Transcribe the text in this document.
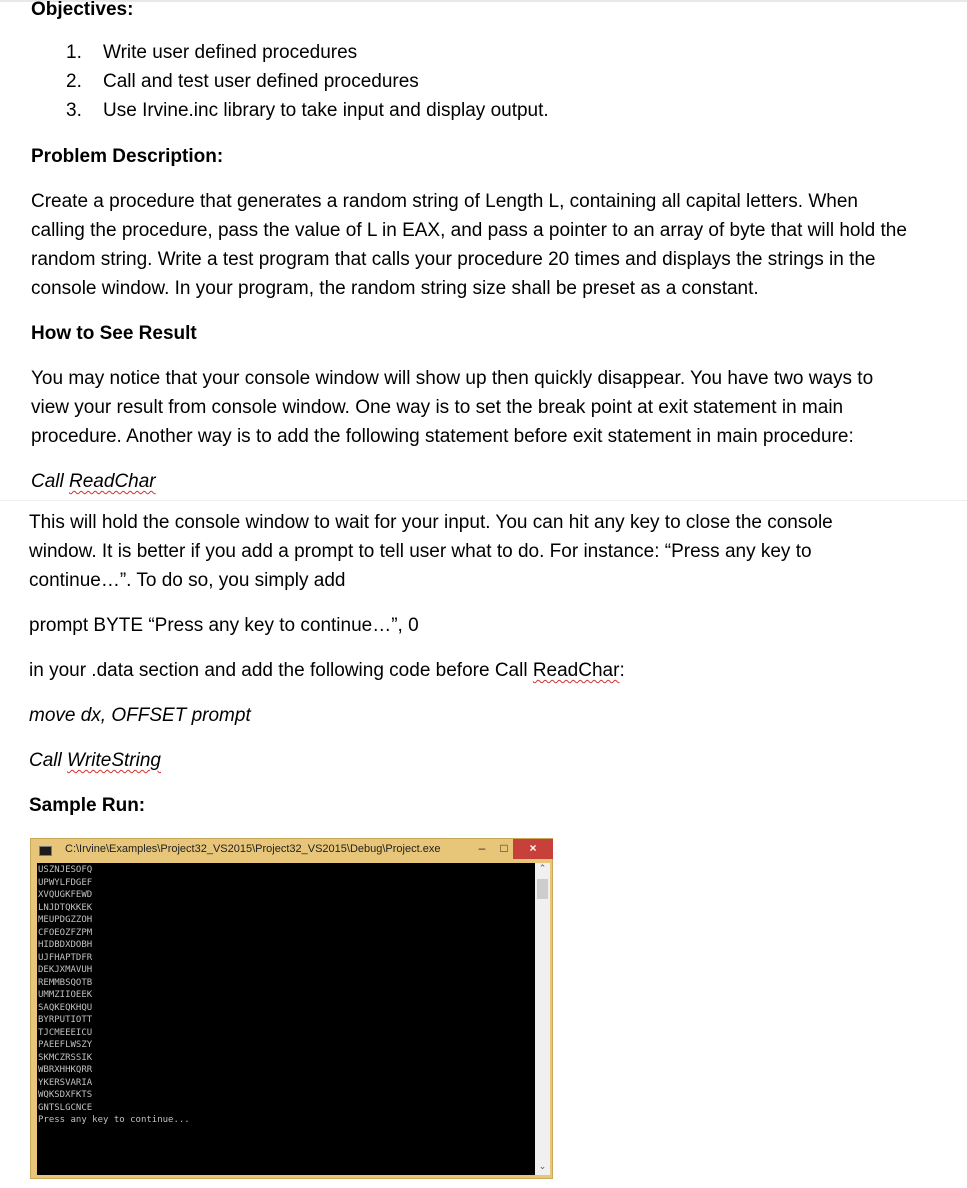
Objectives:
1. Write user defined procedures
2. Call and test user defined procedures
3. Use Irvine.inc library to take input and display output.
Problem Description:
Create a procedure that generates a random string of Length L, containing all capital letters. When
calling the procedure, pass the value of L in EAX, and pass a pointer to an array of byte that will hold the
random string. Write a test program that calls your procedure 20 times and displays the strings in the
console window. In your program, the random string size shall be preset as a constant.
How to See Result
You may notice that your console window will show up then quickly disappear. You have two ways to
view your result from console window. One way is to set the break point at exit statement in main
procedure. Another way is to add the following statement before exit statement in main procedure:
Call ReadChar
This will hold the console window to wait for your input. You can hit any key to close the console
window. It is better if you add a prompt to tell user what to do. For instance: “Press any key to
continue…”. To do so, you simply add
prompt BYTE “Press any key to continue…”, 0
in your .data section and add the following code before Call ReadChar:
move dx, OFFSET prompt
Call WriteString
Sample Run:
C:\Irvine\Examples\Project32_VS2015\Project32_VS2015\Debug\Project.exe	–	□	×
USZNJESOFQ
UPWYLFDGEF
XVQUGKFEWD
LNJDTQKKEK
MEUPDGZZOH
CFOEOZFZPM
HIDBDXDOBH
UJFHAPTDFR
DEKJXMAVUH
REMMBSQOTB
UMMZIIOEEK
SAQKEQKHQU
BYRPUTIOTT
TJCMEEEICU
PAEEFLWSZY
SKMCZRSSIK
WBRXHHKQRR
YKERSVARIA
WQKSDXFKTS
GNTSLGCNCE
Press any key to continue...
⌃
⌄
